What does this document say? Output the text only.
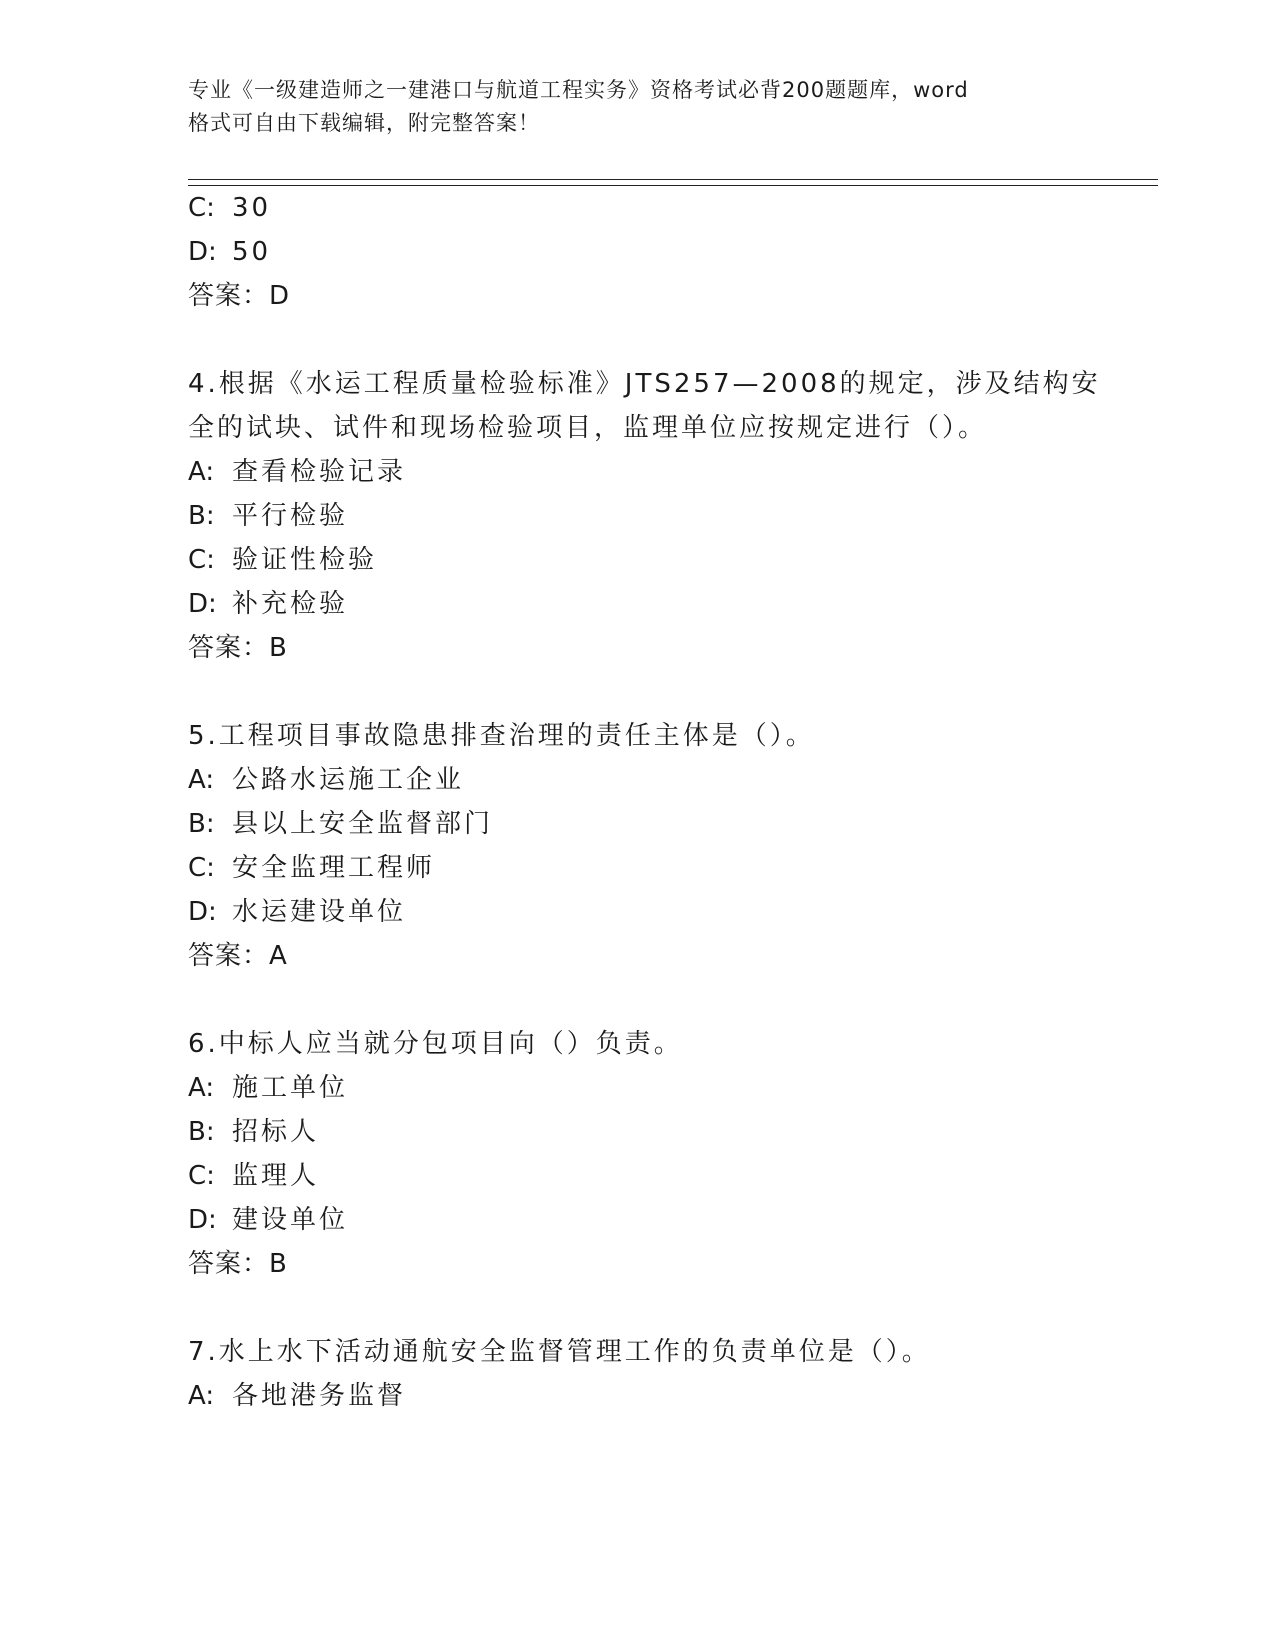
专业《一级建造师之一建港口与航道工程实务》资格考试必背200题题库，word
格式可自由下载编辑，附完整答案！
C: 30
D: 50
答案：D
4.根据《水运工程质量检验标准》JTS257—2008的规定，涉及结构安
全的试块、试件和现场检验项目，监理单位应按规定进行（）。
A: 查看检验记录
B: 平行检验
C: 验证性检验
D: 补充检验
答案：B
5.工程项目事故隐患排查治理的责任主体是（）。
A: 公路水运施工企业
B: 县以上安全监督部门
C: 安全监理工程师
D: 水运建设单位
答案：A
6.中标人应当就分包项目向（）负责。
A: 施工单位
B: 招标人
C: 监理人
D: 建设单位
答案：B
7.水上水下活动通航安全监督管理工作的负责单位是（）。
A: 各地港务监督
